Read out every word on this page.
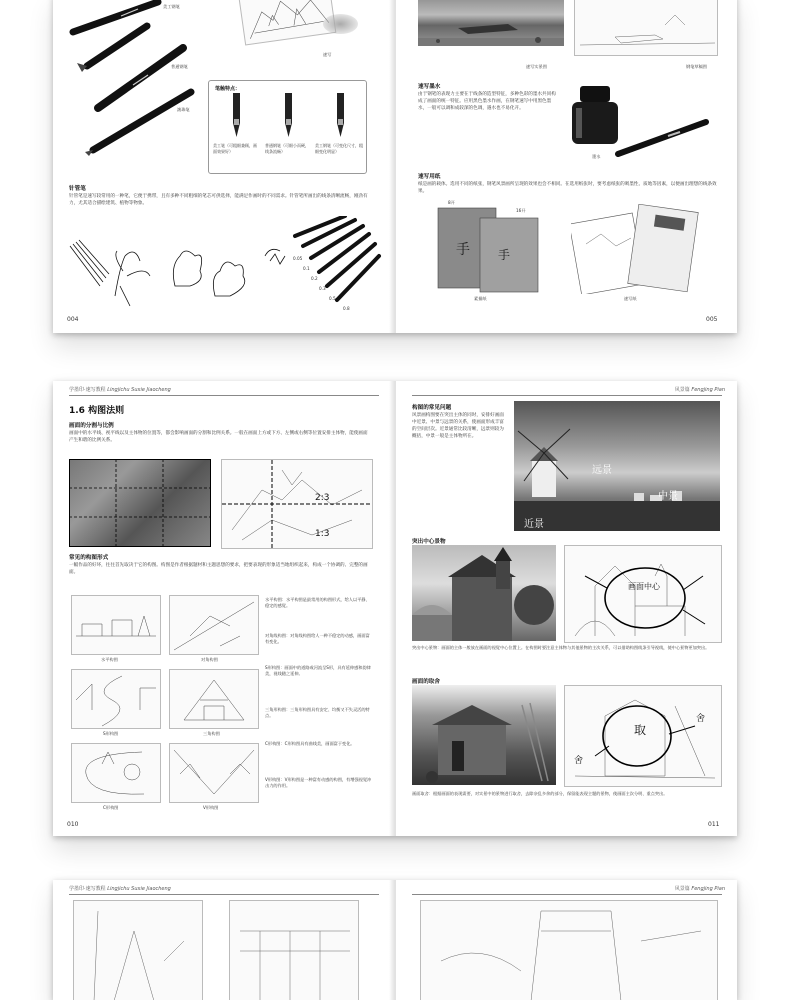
美工钢笔
普通钢笔
滚珠笔
速写
笔触特点：
美工笔（可粗细兼顾，画面效果好）
普通钢笔（可细小而硬，线条流畅）
美工钢笔（可变化尺寸，粗细变化明显）
针管笔
针管笔是速写较常用的一种笔，它便于携带，且有多种不同粗细的笔芯可供选择，能满足作画时的不同需求。针管笔所画出的线条清晰流畅，刚劲有力，尤其适合描绘建筑、植物等物象。
0.05
0.1
0.2
0.3
0.5
0.8
004
速写实景图	钢笔草稿图
速写墨水
由于钢笔的表现力主要在于线条的造型特征，多种色彩的墨水共同构成了画面的统一特征。应用黑色墨水作画，在钢笔速写中用黑色墨水，一般可以调和成较深的色调，遇水也不易化开。
墨水
速写用纸
纸是画的载体。选用不同的纸张，钢笔风景画所呈现的效果也会不相同。在选用纸张时，要考虑纸张的吸墨性、质地等因素，以便画出理想的线条效果。
手 手
8开
16开
素描纸	速写纸
005
学墨印·速写教程 Lingjichu Suxie Jiaocheng
1.6 构图法则
画面的分割与比例
画面中的水平线、视平线以及主体物的位置等，都会影响画面的分割和比例关系。一般在画面上方或下方、左侧或右侧等位置安排主体物，能使画面产生和谐的比例关系。
2:3
1:3
常见的构图形式
一幅作品的好坏，往往首先取决于它的构图。构图是作者根据题材和主题思想的要求，把要表现的形象适当地组织起来，构成一个协调的、完整的画面。
水平构图	对角构图
S形构图	三角构图
C形构图	V形构图
水平构图：水平构图是最常用的构图形式，给人以平静、稳定的感觉。
对角线构图：对角线构图给人一种不稳定的动感，画面富有变化。
S形构图：画面中的道路或河流呈S形，具有延伸感和韵律美，视线随之延伸。
三角形构图：三角形构图具有安定、均衡又不失灵活的特点。
C形构图：C形构图具有曲线美，画面富于变化。
V形构图：V形构图是一种富有动感的构图，有增强视觉冲击力的作用。
010
风景篇 Fengjing Pian
构图的常见问题
风景画构图要在突出主体的同时，安排好画面中近景、中景与远景的关系，使画面形成丰富的空间层次。近景通常比较清晰，远景则较为概括，中景一般是主体物所在。
远景
中景
近景
突出中心景物
画面中心
突出中心景物：画面的主体一般放在画面的视觉中心位置上。在构图时要注意主体物与其他景物的主次关系，可以借助构图线条引导视线，使中心景物更加突出。
画面的取舍
取
舍
舍
画面取舍：根据画面的表现需要，对实景中的景物进行取舍，去除杂乱多余的部分，保留能表现主题的景物，使画面主次分明、重点突出。
011
学墨印·速写教程 Lingjichu Suxie Jiaocheng	风景篇 Fengjing Pian
